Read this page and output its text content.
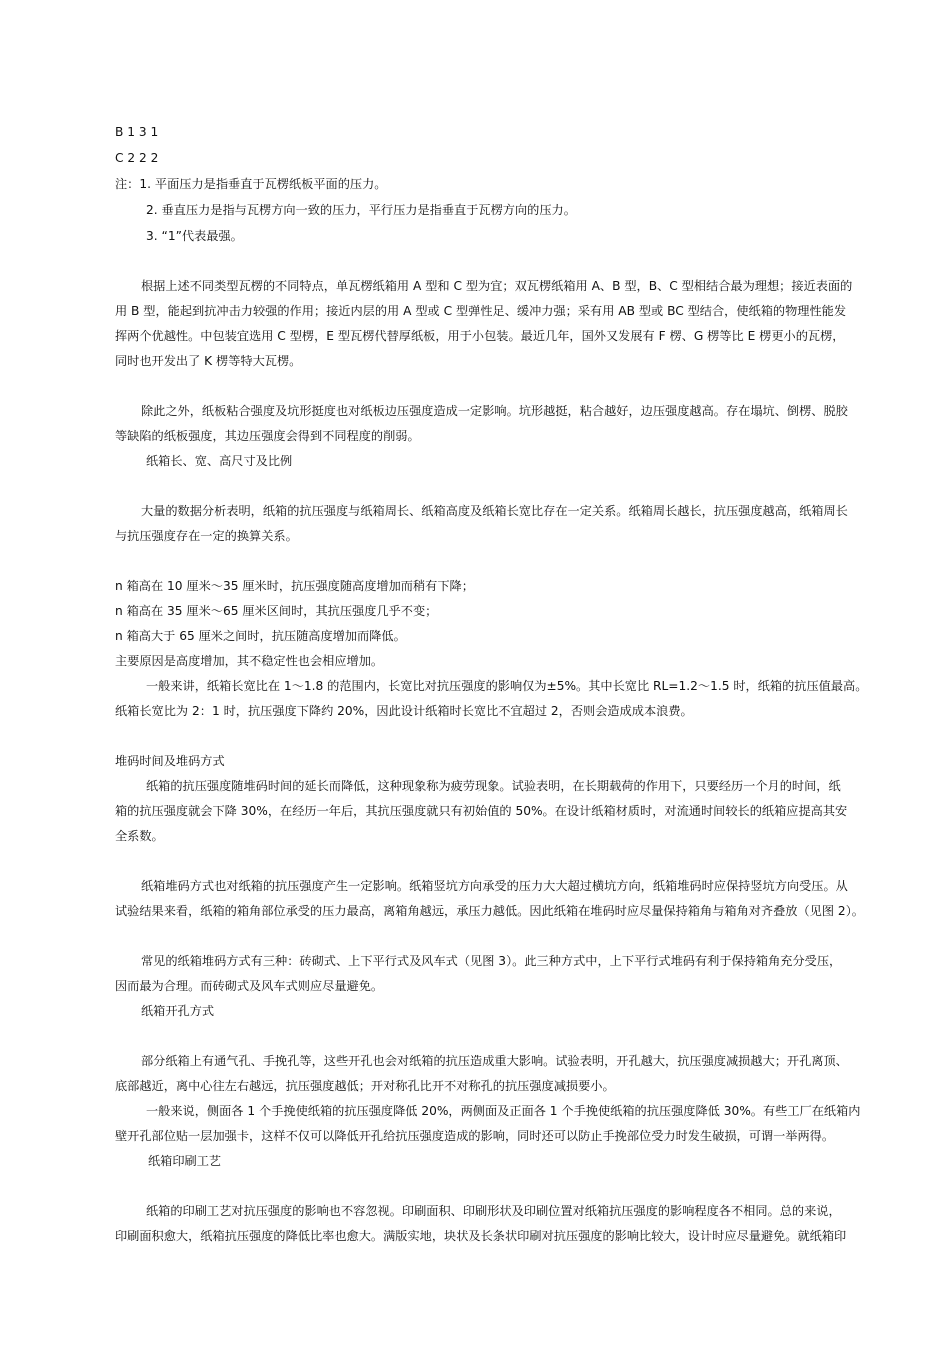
B 1 3 1

C 2 2 2

注：1. 平面压力是指垂直于瓦楞纸板平面的压力。

2. 垂直压力是指与瓦楞方向一致的压力，平行压力是指垂直于瓦楞方向的压力。

3. “1”代表最强。

根据上述不同类型瓦楞的不同特点，单瓦楞纸箱用 A 型和 C 型为宜；双瓦楞纸箱用 A、B 型，B、C 型相结合最为理想；接近表面的

用 B 型，能起到抗冲击力较强的作用；接近内层的用 A 型或 C 型弹性足、缓冲力强；采有用 AB 型或 BC 型结合，使纸箱的物理性能发

挥两个优越性。中包装宜选用 C 型楞，E 型瓦楞代替厚纸板，用于小包装。最近几年，国外又发展有 F 楞、G 楞等比 E 楞更小的瓦楞，

同时也开发出了 K 楞等特大瓦楞。

除此之外，纸板粘合强度及坑形挺度也对纸板边压强度造成一定影响。坑形越挺，粘合越好，边压强度越高。存在塌坑、倒楞、脱胶

等缺陷的纸板强度，其边压强度会得到不同程度的削弱。

纸箱长、宽、高尺寸及比例

大量的数据分析表明，纸箱的抗压强度与纸箱周长、纸箱高度及纸箱长宽比存在一定关系。纸箱周长越长，抗压强度越高，纸箱周长

与抗压强度存在一定的换算关系。

n 箱高在 10 厘米～35 厘米时，抗压强度随高度增加而稍有下降；

n 箱高在 35 厘米～65 厘米区间时，其抗压强度几乎不变；

n 箱高大于 65 厘米之间时，抗压随高度增加而降低。

主要原因是高度增加，其不稳定性也会相应增加。

一般来讲，纸箱长宽比在 1～1.8 的范围内，长宽比对抗压强度的影响仅为±5%。其中长宽比 RL=1.2～1.5 时，纸箱的抗压值最高。

纸箱长宽比为 2：1 时，抗压强度下降约 20%，因此设计纸箱时长宽比不宜超过 2，否则会造成成本浪费。

堆码时间及堆码方式

纸箱的抗压强度随堆码时间的延长而降低，这种现象称为疲劳现象。试验表明，在长期载荷的作用下，只要经历一个月的时间，纸

箱的抗压强度就会下降 30%，在经历一年后，其抗压强度就只有初始值的 50%。在设计纸箱材质时，对流通时间较长的纸箱应提高其安

全系数。

纸箱堆码方式也对纸箱的抗压强度产生一定影响。纸箱竖坑方向承受的压力大大超过横坑方向，纸箱堆码时应保持竖坑方向受压。从

试验结果来看，纸箱的箱角部位承受的压力最高，离箱角越远，承压力越低。因此纸箱在堆码时应尽量保持箱角与箱角对齐叠放（见图 2）。

常见的纸箱堆码方式有三种：砖砌式、上下平行式及风车式（见图 3）。此三种方式中，上下平行式堆码有利于保持箱角充分受压，

因而最为合理。而砖砌式及风车式则应尽量避免。

纸箱开孔方式

部分纸箱上有通气孔、手挽孔等，这些开孔也会对纸箱的抗压造成重大影响。试验表明，开孔越大，抗压强度减损越大；开孔离顶、

底部越近，离中心往左右越远，抗压强度越低；开对称孔比开不对称孔的抗压强度减损要小。

一般来说，侧面各 1 个手挽使纸箱的抗压强度降低 20%，两侧面及正面各 1 个手挽使纸箱的抗压强度降低 30%。有些工厂在纸箱内

壁开孔部位贴一层加强卡，这样不仅可以降低开孔给抗压强度造成的影响，同时还可以防止手挽部位受力时发生破损，可谓一举两得。

纸箱印刷工艺

纸箱的印刷工艺对抗压强度的影响也不容忽视。印刷面积、印刷形状及印刷位置对纸箱抗压强度的影响程度各不相同。总的来说，

印刷面积愈大，纸箱抗压强度的降低比率也愈大。满版实地，块状及长条状印刷对抗压强度的影响比较大，设计时应尽量避免。就纸箱印
